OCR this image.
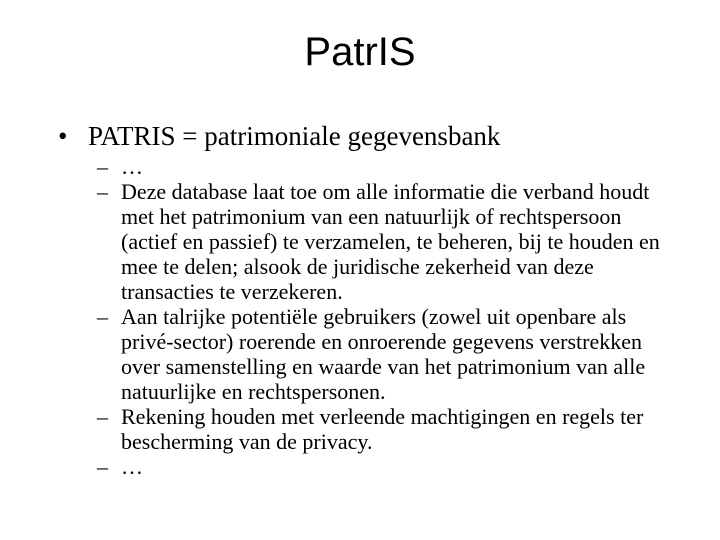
PatrIS
• PATRIS = patrimoniale gegevensbank
– …
– Deze database laat toe om alle informatie die verband houdt met het patrimonium van een natuurlijk of rechtspersoon (actief en passief) te verzamelen, te beheren, bij te houden en mee te delen; alsook de juridische zekerheid van deze transacties te verzekeren.
– Aan talrijke potentiële gebruikers (zowel uit openbare als privé-sector) roerende en onroerende gegevens verstrekken over samenstelling en waarde van het patrimonium van alle natuurlijke en rechtspersonen.
– Rekening houden met verleende machtigingen en regels ter bescherming van de privacy.
– …
